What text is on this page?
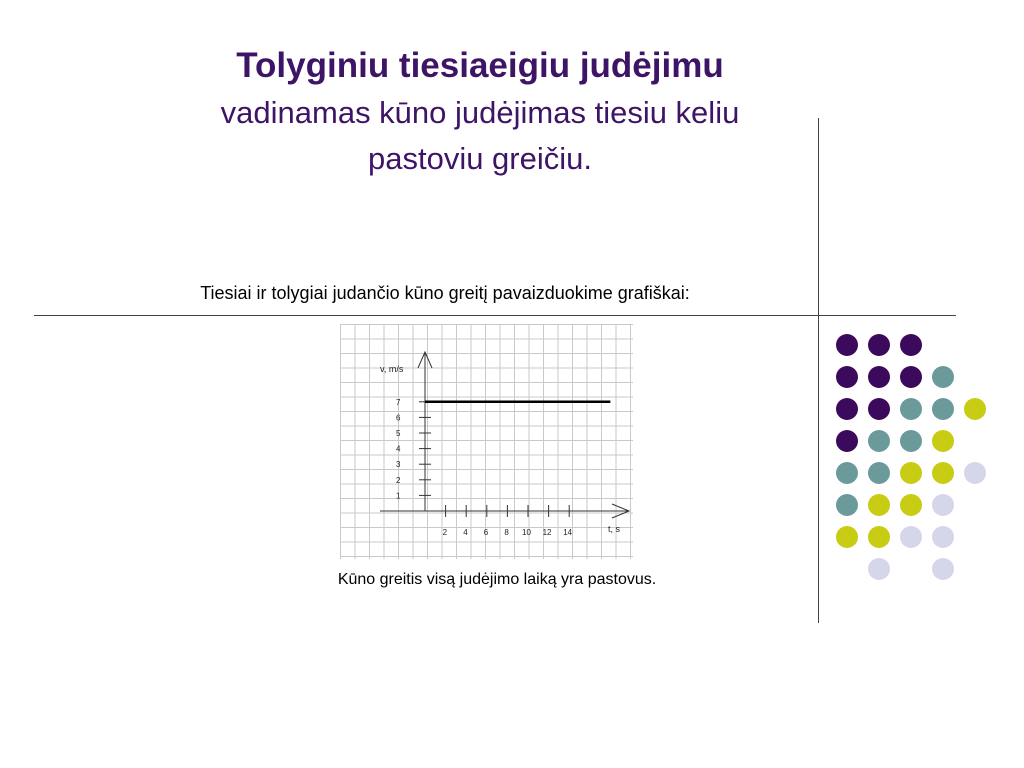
Tolyginiu tiesiaeigiu judėjimu
vadinamas kūno judėjimas tiesiu keliu
pastoviu greičiu.
Tiesiai ir tolygiai judančio kūno greitį pavaizduokime grafiškai:
1
2
3
4
5
6
7
2 4 6 8 10 12 14
v, m/s
t, s
Kūno greitis visą judėjimo laiką yra pastovus.
